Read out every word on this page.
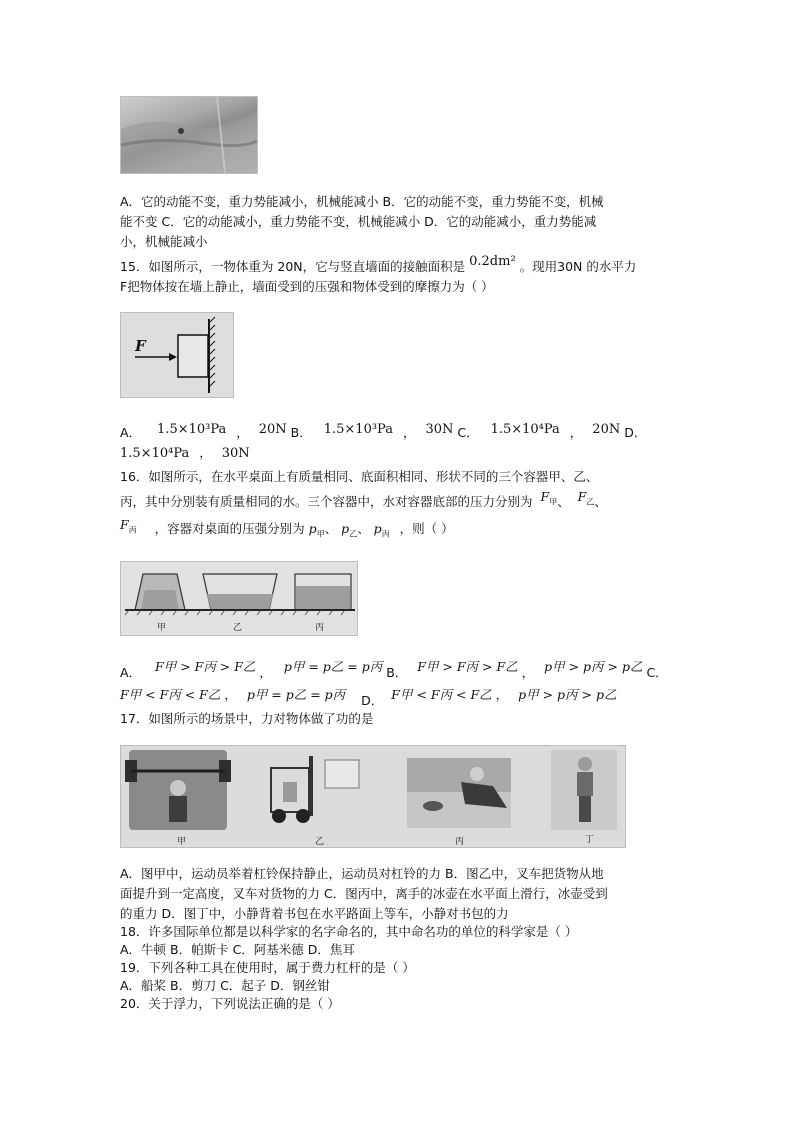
A．它的动能不变，重力势能减小，机械能减小 B．它的动能不变，重力势能不变，机械
能不变 C．它的动能减小，重力势能不变，机械能减小 D．它的动能减小，重力势能减
小，机械能减小
15．如图所示，一物体重为 20N，它与竖直墙面的接触面积是 0.2dm² 。现用30N 的水平力
F把物体按在墙上静止，墙面受到的压强和物体受到的摩擦力为（ ）
F
A． 1.5×10³Pa ， 20N B． 1.5×10³Pa ， 30N C． 1.5×10⁴Pa ， 20N D．
1.5×10⁴Pa ， 30N
16．如图所示，在水平桌面上有质量相同、底面积相同、形状不同的三个容器甲、乙、
丙，其中分别装有质量相同的水。三个容器中，水对容器底部的压力分别为 $F_甲$、 $F_乙$、
$F_丙$ ，容器对桌面的压强分别为 $p_甲$、 $p_乙$、 $p_丙$ ，则（ ）
甲	乙	丙
A． F甲 > F丙 > F乙 ， p甲 = p乙 = p丙 B． F甲 > F丙 > F乙 ， p甲 > p丙 > p乙 C．
F甲 < F丙 < F乙 ， p甲 = p乙 = p丙 D． F甲 < F丙 < F乙 ， p甲 > p丙 > p乙
17．如图所示的场景中，力对物体做了功的是
甲	乙	丙	丁
A．图甲中，运动员举着杠铃保持静止，运动员对杠铃的力 B．图乙中，叉车把货物从地
面提升到一定高度，叉车对货物的力 C．图丙中，离手的冰壶在水平面上滑行，冰壶受到
的重力 D．图丁中，小静背着书包在水平路面上等车，小静对书包的力
18．许多国际单位都是以科学家的名字命名的，其中命名功的单位的科学家是（ ）
A．牛顿 B．帕斯卡 C．阿基米德 D．焦耳
19．下列各种工具在使用时，属于费力杠杆的是（ ）
A．船桨 B．剪刀 C．起子 D．钢丝钳
20．关于浮力，下列说法正确的是（ ）
